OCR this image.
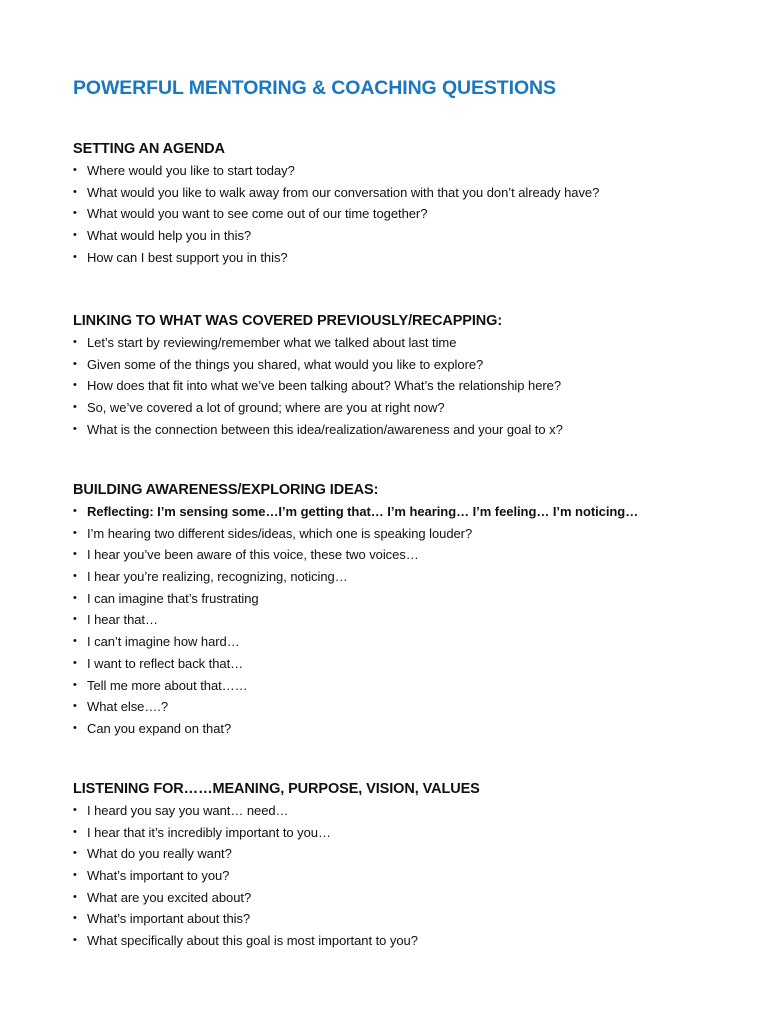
POWERFUL MENTORING & COACHING QUESTIONS
SETTING AN AGENDA
• Where would you like to start today?
• What would you like to walk away from our conversation with that you don’t already have?
• What would you want to see come out of our time together?
• What would help you in this?
• How can I best support you in this?
LINKING TO WHAT WAS COVERED PREVIOUSLY/RECAPPING:
• Let’s start by reviewing/remember what we talked about last time
• Given some of the things you shared, what would you like to explore?
• How does that fit into what we’ve been talking about? What’s the relationship here?
• So, we’ve covered a lot of ground; where are you at right now?
• What is the connection between this idea/realization/awareness and your goal to x?
BUILDING AWARENESS/EXPLORING IDEAS:
• Reflecting: I’m sensing some…I’m getting that… I’m hearing… I’m feeling… I’m noticing…
• I’m hearing two different sides/ideas, which one is speaking louder?
• I hear you’ve been aware of this voice, these two voices…
• I hear you’re realizing, recognizing, noticing…
• I can imagine that’s frustrating
• I hear that…
• I can’t imagine how hard…
• I want to reflect back that…
• Tell me more about that……
• What else….?
• Can you expand on that?
LISTENING FOR……MEANING, PURPOSE, VISION, VALUES
• I heard you say you want… need…
• I hear that it’s incredibly important to you…
• What do you really want?
• What’s important to you?
• What are you excited about?
• What’s important about this?
• What specifically about this goal is most important to you?
